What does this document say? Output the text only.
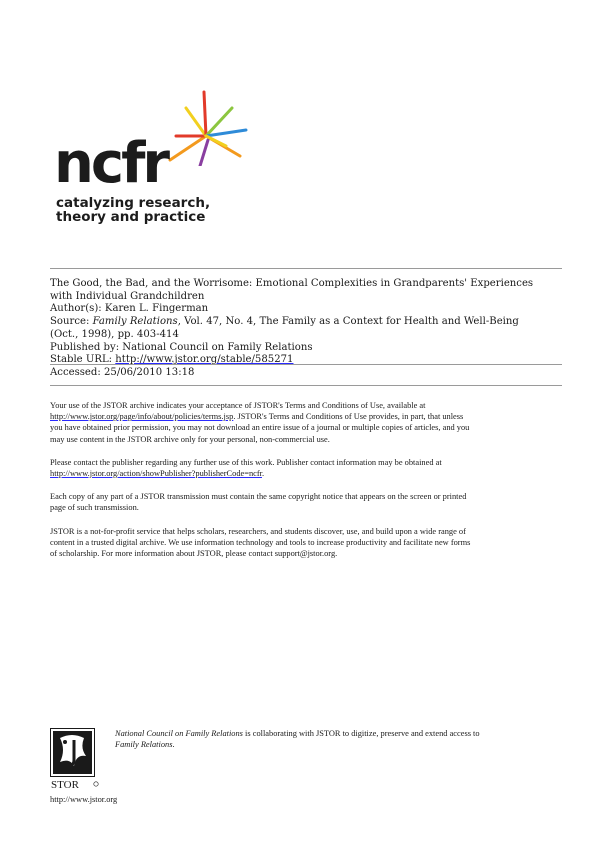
ncfr
catalyzing research,
theory and practice
The Good, the Bad, and the Worrisome: Emotional Complexities in Grandparents' Experiences
with Individual Grandchildren
Author(s): Karen L. Fingerman
Source: Family Relations, Vol. 47, No. 4, The Family as a Context for Health and Well-Being
(Oct., 1998), pp. 403-414
Published by: National Council on Family Relations
Stable URL: http://www.jstor.org/stable/585271
Accessed: 25/06/2010 13:18

Your use of the JSTOR archive indicates your acceptance of JSTOR's Terms and Conditions of Use, available at
http://www.jstor.org/page/info/about/policies/terms.jsp. JSTOR's Terms and Conditions of Use provides, in part, that unless
you have obtained prior permission, you may not download an entire issue of a journal or multiple copies of articles, and you
may use content in the JSTOR archive only for your personal, non-commercial use.

Please contact the publisher regarding any further use of this work. Publisher contact information may be obtained at
http://www.jstor.org/action/showPublisher?publisherCode=ncfr.

Each copy of any part of a JSTOR transmission must contain the same copyright notice that appears on the screen or printed
page of such transmission.

JSTOR is a not-for-profit service that helps scholars, researchers, and students discover, use, and build upon a wide range of
content in a trusted digital archive. We use information technology and tools to increase productivity and facilitate new forms
of scholarship. For more information about JSTOR, please contact support@jstor.org.

STOR
National Council on Family Relations is collaborating with JSTOR to digitize, preserve and extend access to
Family Relations.
http://www.jstor.org
